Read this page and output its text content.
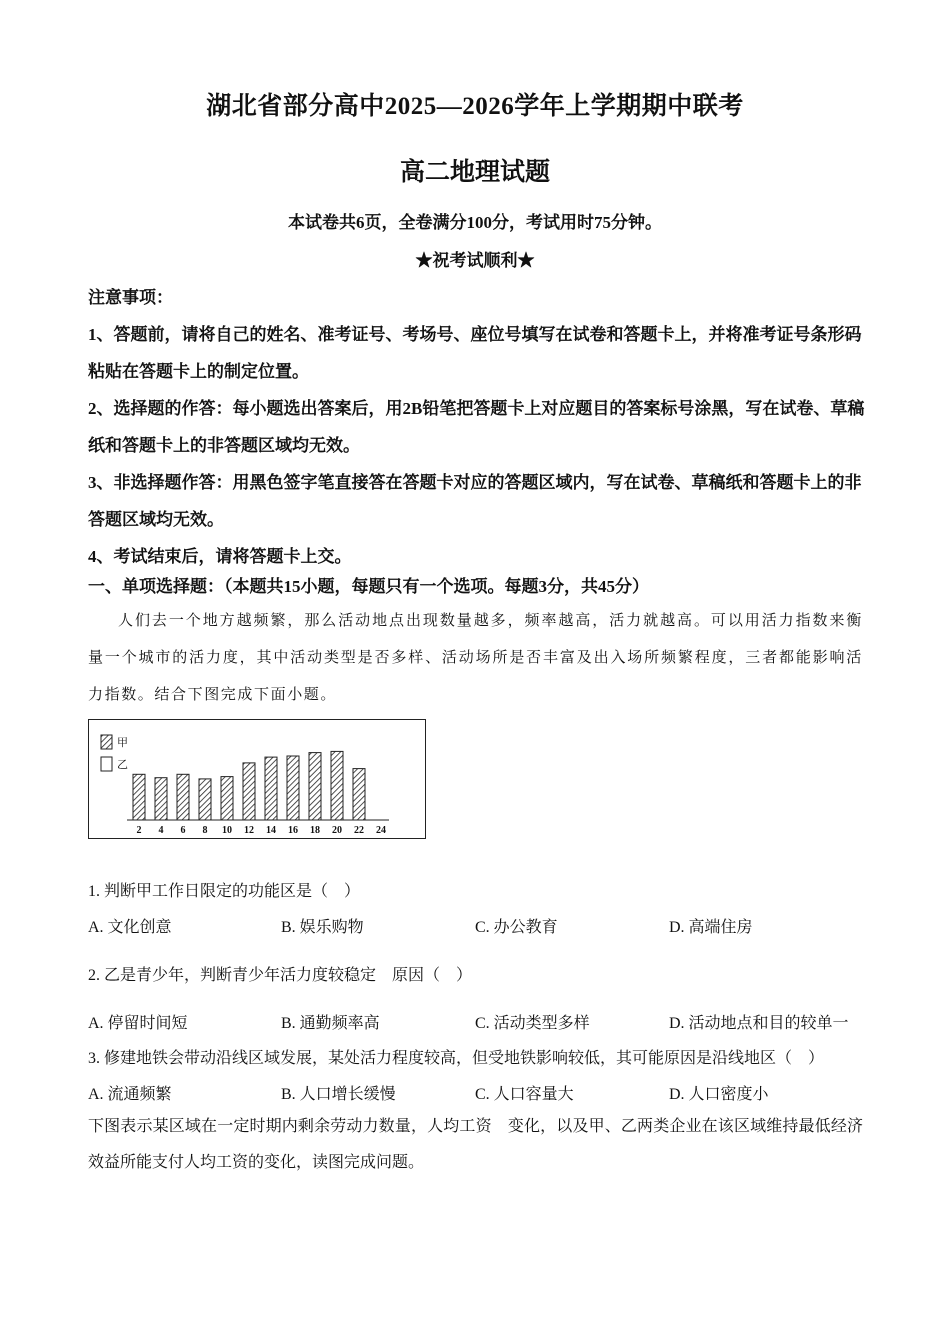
湖北省部分高中2025—2026学年上学期期中联考
高二地理试题
本试卷共6页，全卷满分100分，考试用时75分钟。
★祝考试顺利★
注意事项：

1、答题前，请将自己的姓名、准考证号、考场号、座位号填写在试卷和答题卡上，并将准考证号条形码粘贴在答题卡上的制定位置。

2、选择题的作答：每小题选出答案后，用2B铅笔把答题卡上对应题目的答案标号涂黑，写在试卷、草稿纸和答题卡上的非答题区域均无效。

3、非选择题作答：用黑色签字笔直接答在答题卡对应的答题区域内，写在试卷、草稿纸和答题卡上的非答题区域均无效。

4、考试结束后，请将答题卡上交。

一、单项选择题：（本题共15小题，每题只有一个选项。每题3分，共45分）
人们去一个地方越频繁，那么活动地点出现数量越多，频率越高，活力就越高。可以用活力指数来衡量一个城市的活力度，其中活动类型是否多样、活动场所是否丰富及出入场所频繁程度，三者都能影响活力指数。结合下图完成下面小题。
甲
乙
2 4 6 8 10 12 14 16 18 20 22 24
1. 判断甲工作日限定的功能区是（　）
A. 文化创意	B. 娱乐购物	C. 办公教育	D. 高端住房
2. 乙是青少年，判断青少年活力度较稳定　原因（　）
A. 停留时间短	B. 通勤频率高	C. 活动类型多样	D. 活动地点和目的较单一
3. 修建地铁会带动沿线区域发展，某处活力程度较高，但受地铁影响较低，其可能原因是沿线地区（　）
A. 流通频繁	B. 人口增长缓慢	C. 人口容量大	D. 人口密度小
下图表示某区域在一定时期内剩余劳动力数量，人均工资　变化，以及甲、乙两类企业在该区域维持最低经济效益所能支付人均工资的变化，读图完成问题。
